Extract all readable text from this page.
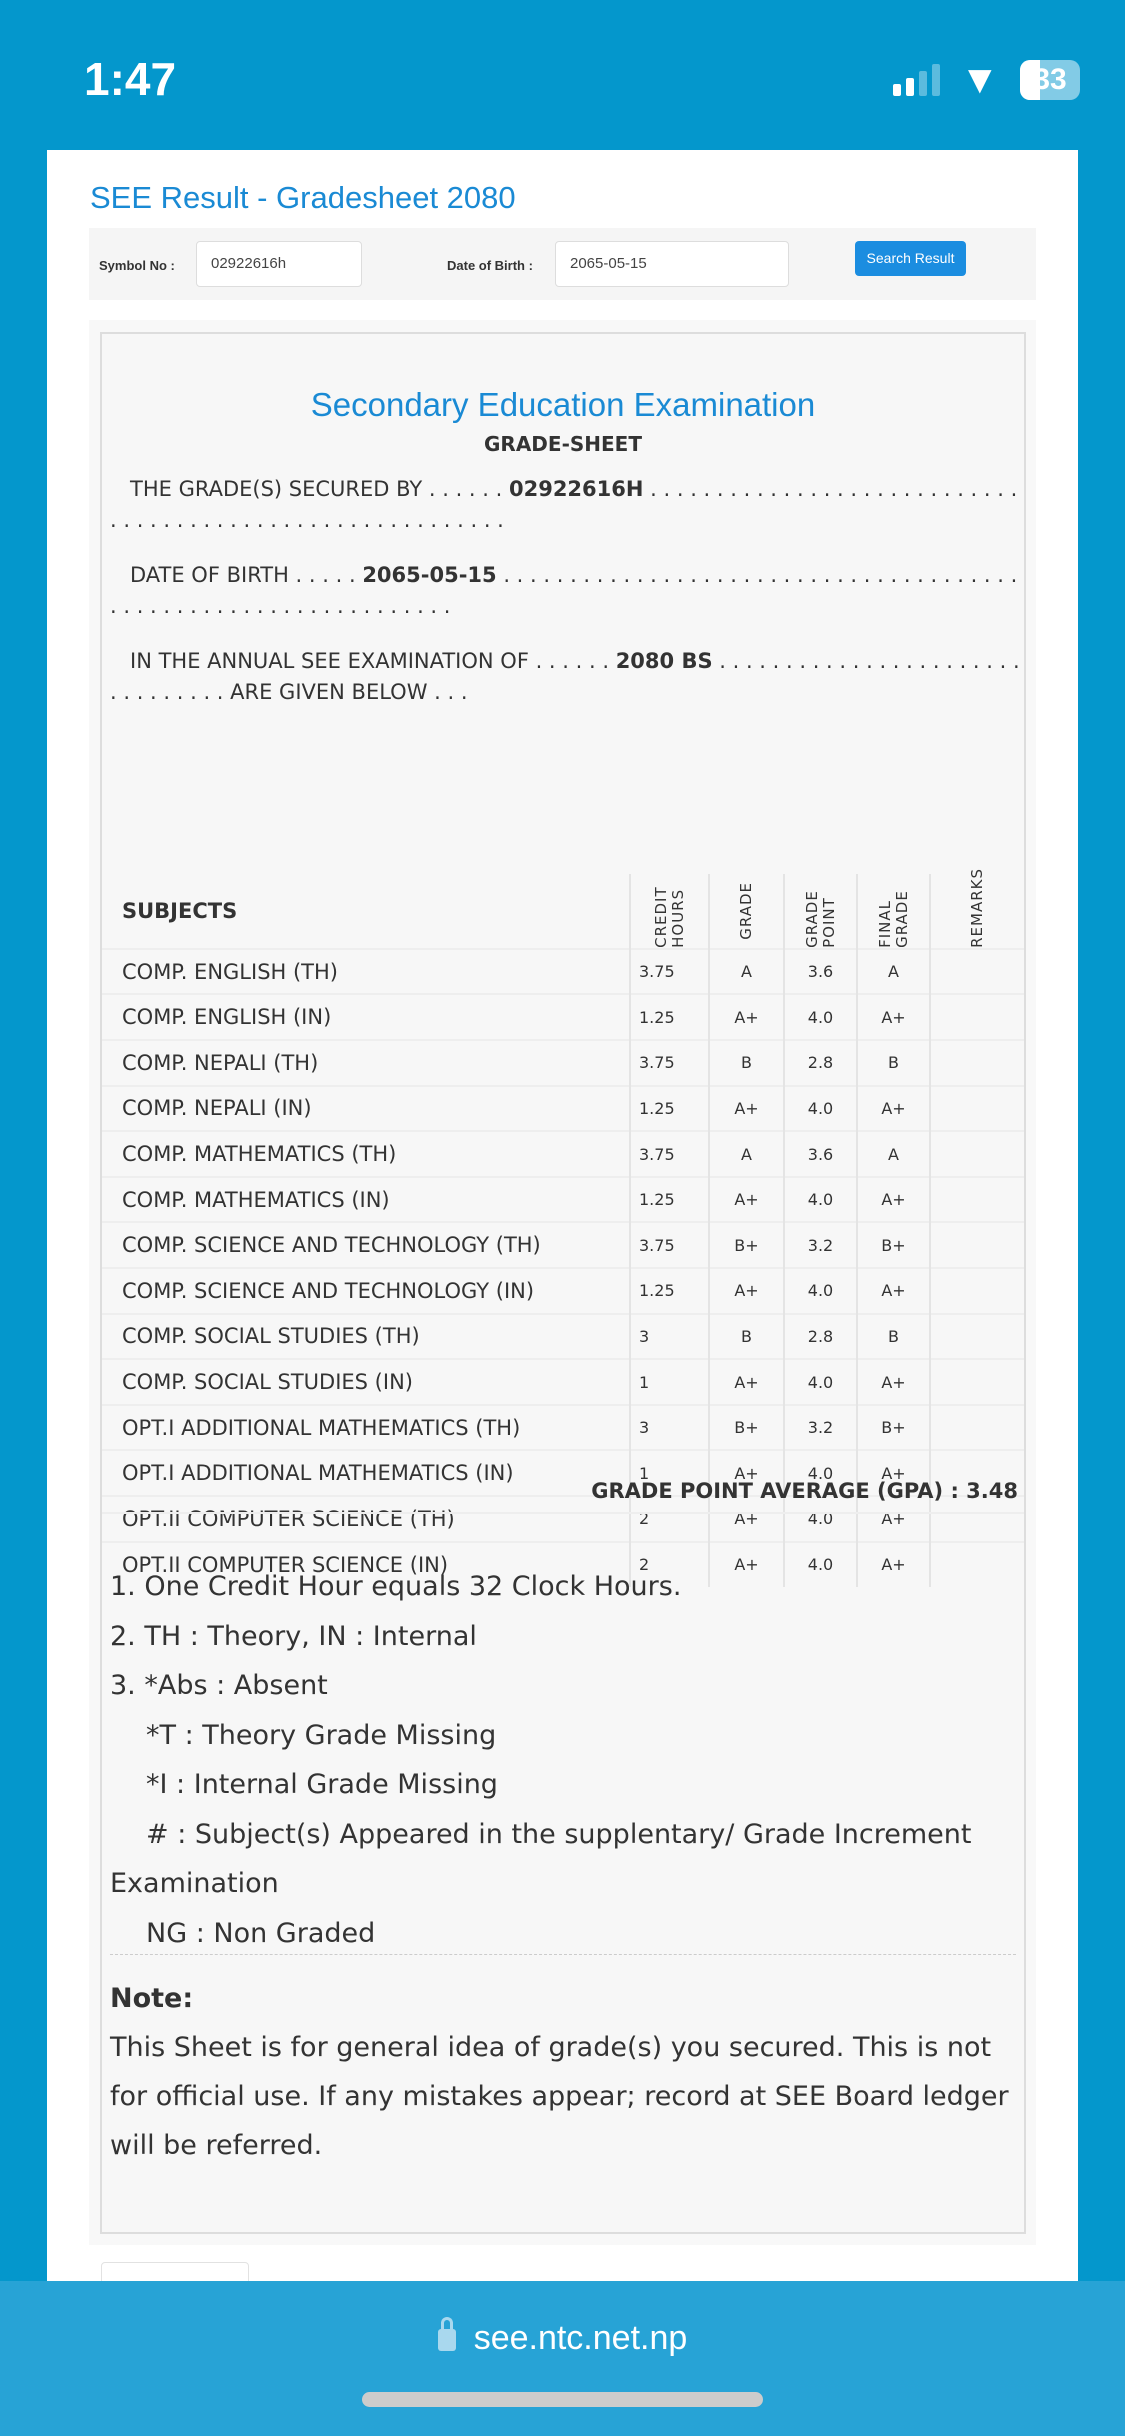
1:47	▼	33
SEE Result - Gradesheet 2080
Symbol No :	02922616h	Date of Birth :	2065-05-15	Search Result
Secondary Education Examination
GRADE-SHEET
THE GRADE(S) SECURED BY . . . . . . 02922616H . . . . . . . . . . . . . . . . . . . . . . . . . . . . . . . . . . . . . . . . . . . . . . . . . . . . . . . . . .
DATE OF BIRTH . . . . . 2065-05-15 . . . . . . . . . . . . . . . . . . . . . . . . . . . . . . . . . . . . . . . . . . . . . . . . . . . . . . . . . . . . . . . . .
IN THE ANNUAL SEE EXAMINATION OF . . . . . . 2080 BS . . . . . . . . . . . . . . . . . . . . . . . . . . . . . . . . ARE GIVEN BELOW . . .
SUBJECTS	CREDIT HOURS	GRADE	GRADE POINT	FINAL GRADE	REMARKS

COMP. ENGLISH (TH)	3.75	A	3.6	A	
COMP. ENGLISH (IN)	1.25	A+	4.0	A+	
COMP. NEPALI (TH)	3.75	B	2.8	B	
COMP. NEPALI (IN)	1.25	A+	4.0	A+	
COMP. MATHEMATICS (TH)	3.75	A	3.6	A	
COMP. MATHEMATICS (IN)	1.25	A+	4.0	A+	
COMP. SCIENCE AND TECHNOLOGY (TH)	3.75	B+	3.2	B+	
COMP. SCIENCE AND TECHNOLOGY (IN)	1.25	A+	4.0	A+	
COMP. SOCIAL STUDIES (TH)	3	B	2.8	B	
COMP. SOCIAL STUDIES (IN)	1	A+	4.0	A+	
OPT.I ADDITIONAL MATHEMATICS (TH)	3	B+	3.2	B+	
OPT.I ADDITIONAL MATHEMATICS (IN)	1	A+	4.0	A+	
OPT.II COMPUTER SCIENCE (TH)	2	A+	4.0	A+	
OPT.II COMPUTER SCIENCE (IN)	2	A+	4.0	A+	
GRADE POINT AVERAGE (GPA) : 3.48
1. One Credit Hour equals 32 Clock Hours.
2. TH : Theory, IN : Internal
3. *Abs : Absent
*T : Theory Grade Missing
*I : Internal Grade Missing
# : Subject(s) Appeared in the supplentary/ Grade Increment Examination
NG : Non Graded
Note:
This Sheet is for general idea of grade(s) you secured. This is not for official use. If any mistakes appear; record at SEE Board ledger will be referred.
see.ntc.net.np
